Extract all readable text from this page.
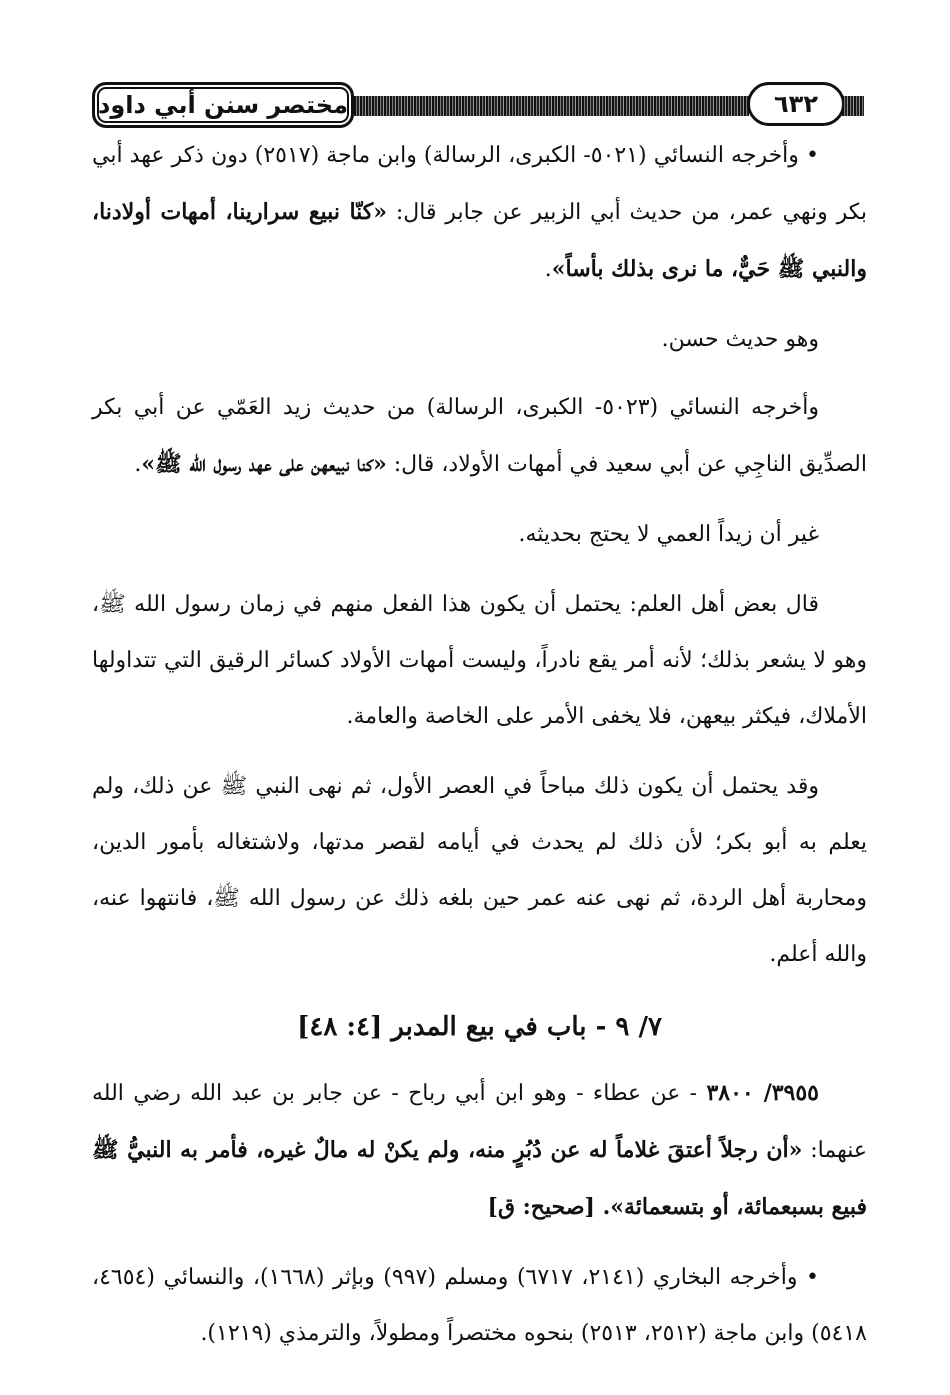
مختصر سنن أبي داود	٦٣٢

• وأخرجه النسائي (٥٠٢١- الكبرى، الرسالة) وابن ماجة (٢٥١٧) دون ذكر عهد أبي بكر ونهي عمر، من حديث أبي الزبير عن جابر قال: «كنّا نبيع سرارينا، أمهات أولادنا، والنبي ﷺ حَيٌّ، ما نرى بذلك بأساً».

وهو حديث حسن.

وأخرجه النسائي (٥٠٢٣- الكبرى، الرسالة) من حديث زيد العَمّي عن أبي بكر الصدِّيق الناجِي عن أبي سعيد في أمهات الأولاد، قال: «كنا نبيعهن على عهد رسول الله ﷺ».

غير أن زيداً العمي لا يحتج بحديثه.

قال بعض أهل العلم: يحتمل أن يكون هذا الفعل منهم في زمان رسول الله ﷺ، وهو لا يشعر بذلك؛ لأنه أمر يقع نادراً، وليست أمهات الأولاد كسائر الرقيق التي تتداولها الأملاك، فيكثر بيعهن، فلا يخفى الأمر على الخاصة والعامة.

وقد يحتمل أن يكون ذلك مباحاً في العصر الأول، ثم نهى النبي ﷺ عن ذلك، ولم يعلم به أبو بكر؛ لأن ذلك لم يحدث في أيامه لقصر مدتها، ولاشتغاله بأمور الدين، ومحاربة أهل الردة، ثم نهى عنه عمر حين بلغه ذلك عن رسول الله ﷺ، فانتهوا عنه، والله أعلم.

٧/ ٩ - باب في بيع المدبر [٤: ٤٨]

٣٩٥٥/ ٣٨٠٠ - عن عطاء - وهو ابن أبي رباح - عن جابر بن عبد الله رضي الله عنهما: «أن رجلاً أعتقَ غلاماً له عن دُبُرٍ منه، ولم يكنْ له مالٌ غيره، فأمر به النبيُّ ﷺ فبيع بسبعمائة، أو بتسعمائة». [صحيح: ق]

• وأخرجه البخاري (٢١٤١، ٦٧١٧) ومسلم (٩٩٧) وبإثر (١٦٦٨)، والنسائي (٤٦٥٤، ٥٤١٨) وابن ماجة (٢٥١٢، ٢٥١٣) بنحوه مختصراً ومطولاً، والترمذي (١٢١٩).
